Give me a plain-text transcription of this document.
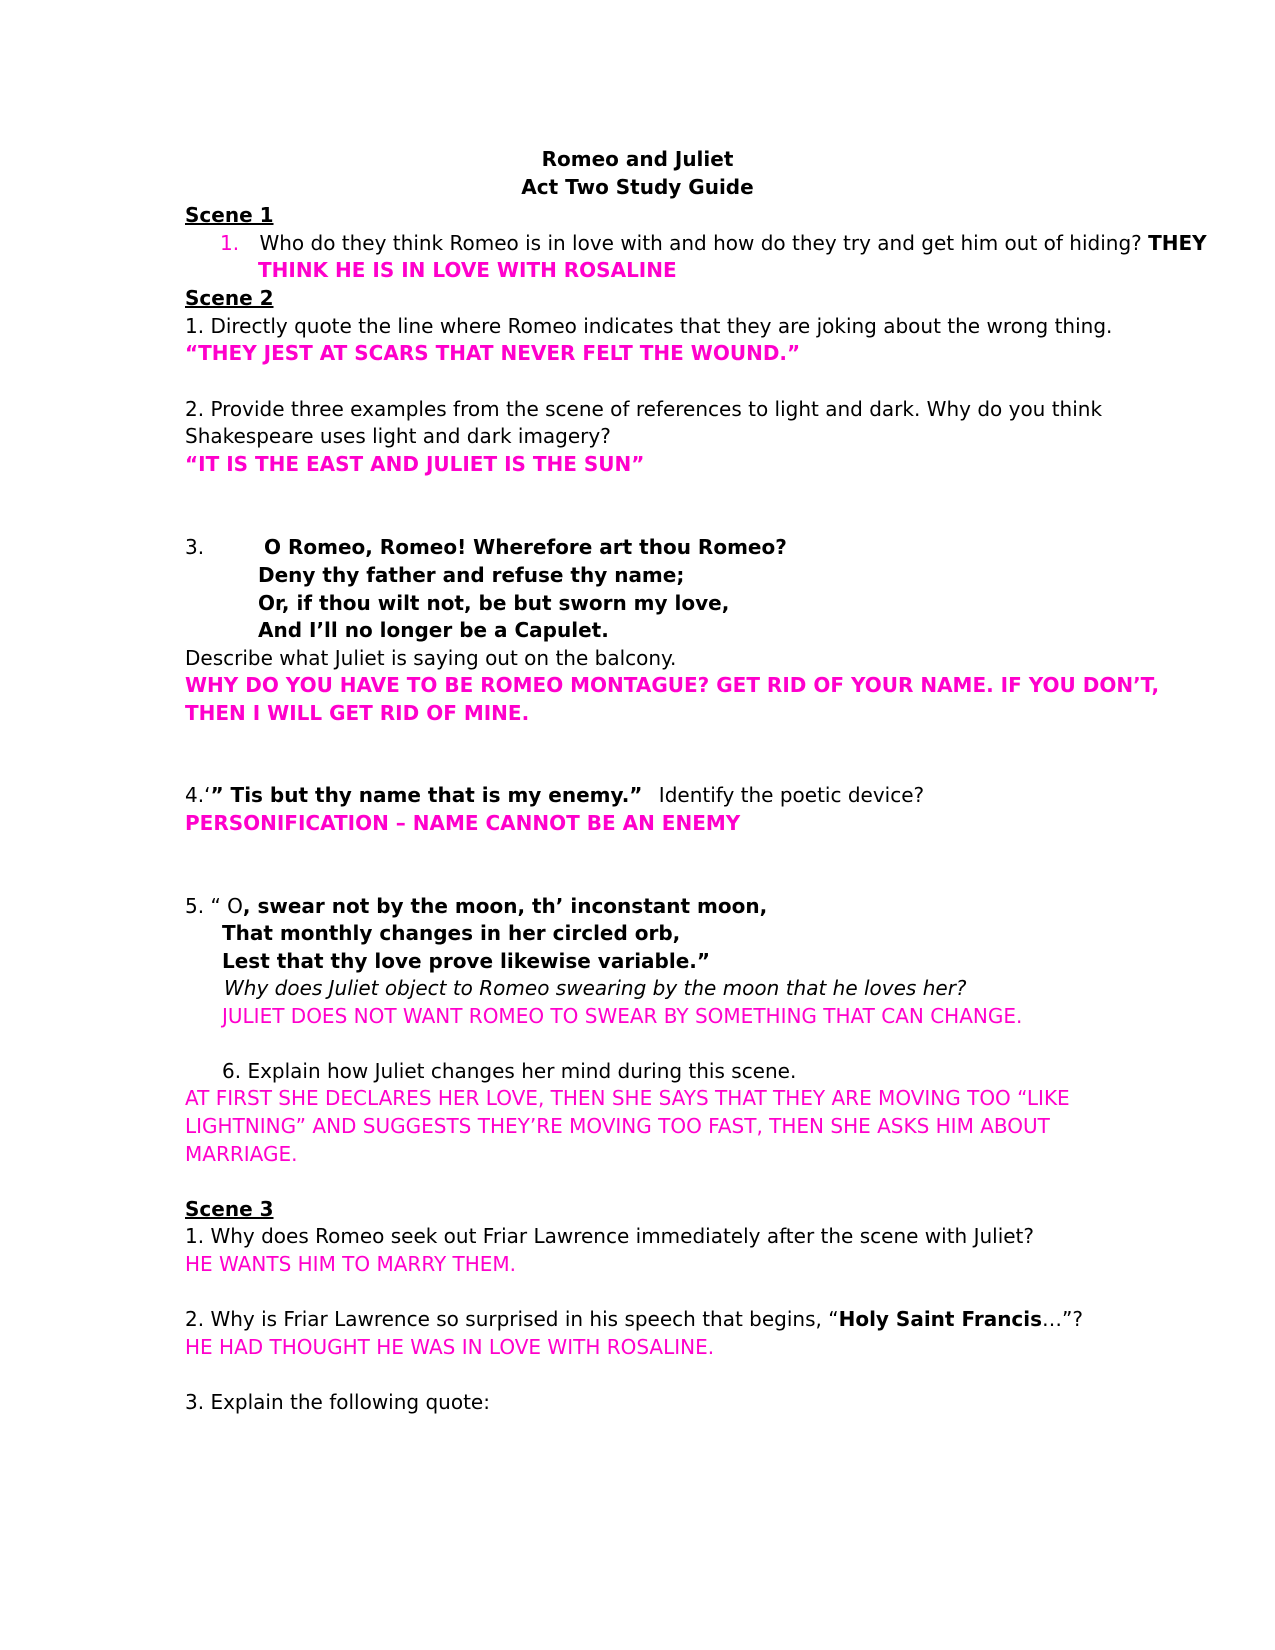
Romeo and Juliet
Act Two Study Guide
Scene 1
1. Who do they think Romeo is in love with and how do they try and get him out of hiding? THEY
THINK HE IS IN LOVE WITH ROSALINE
Scene 2
1. Directly quote the line where Romeo indicates that they are joking about the wrong thing.
“THEY JEST AT SCARS THAT NEVER FELT THE WOUND.”
2. Provide three examples from the scene of references to light and dark. Why do you think
Shakespeare uses light and dark imagery?
“IT IS THE EAST AND JULIET IS THE SUN”
3.	O Romeo, Romeo! Wherefore art thou Romeo?
Deny thy father and refuse thy name;
Or, if thou wilt not, be but sworn my love,
And I’ll no longer be a Capulet.
Describe what Juliet is saying out on the balcony.
WHY DO YOU HAVE TO BE ROMEO MONTAGUE? GET RID OF YOUR NAME. IF YOU DON’T,
THEN I WILL GET RID OF MINE.
4.‘” Tis but thy name that is my enemy.” Identify the poetic device?
PERSONIFICATION – NAME CANNOT BE AN ENEMY
5. “ O, swear not by the moon, th’ inconstant moon,
That monthly changes in her circled orb,
Lest that thy love prove likewise variable.”
Why does Juliet object to Romeo swearing by the moon that he loves her?
JULIET DOES NOT WANT ROMEO TO SWEAR BY SOMETHING THAT CAN CHANGE.
6. Explain how Juliet changes her mind during this scene.
AT FIRST SHE DECLARES HER LOVE, THEN SHE SAYS THAT THEY ARE MOVING TOO “LIKE
LIGHTNING” AND SUGGESTS THEY’RE MOVING TOO FAST, THEN SHE ASKS HIM ABOUT
MARRIAGE.
Scene 3
1. Why does Romeo seek out Friar Lawrence immediately after the scene with Juliet?
HE WANTS HIM TO MARRY THEM.
2. Why is Friar Lawrence so surprised in his speech that begins, “Holy Saint Francis…”?
HE HAD THOUGHT HE WAS IN LOVE WITH ROSALINE.
3. Explain the following quote:
